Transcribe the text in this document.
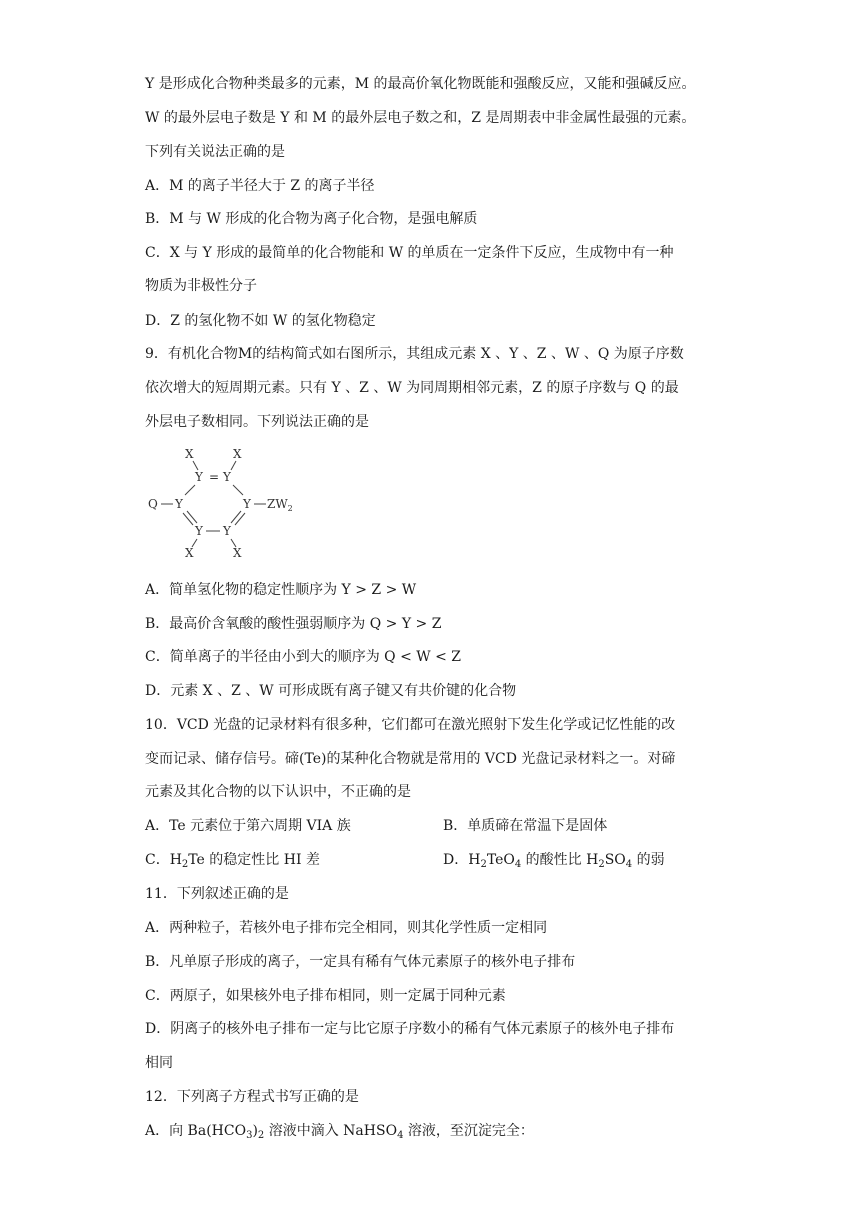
Y 是形成化合物种类最多的元素，M 的最高价氧化物既能和强酸反应，又能和强碱反应。
W 的最外层电子数是 Y 和 M 的最外层电子数之和，Z 是周期表中非金属性最强的元素。
下列有关说法正确的是
A．M 的离子半径大于 Z 的离子半径
B．M 与 W 形成的化合物为离子化合物，是强电解质
C．X 与 Y 形成的最简单的化合物能和 W 的单质在一定条件下反应，生成物中有一种
物质为非极性分子
D．Z 的氢化物不如 W 的氢化物稳定
9．有机化合物M的结构简式如右图所示，其组成元素 X 、Y 、Z 、W 、Q 为原子序数
依次增大的短周期元素。只有 Y 、Z 、W 为同周期相邻元素，Z 的原子序数与 Q 的最
外层电子数相同。下列说法正确的是
X	X
Y = Y
Q Y	Y $ZW_2$
Y Y
X	X
A．简单氢化物的稳定性顺序为 Y > Z > W
B．最高价含氧酸的酸性强弱顺序为 Q > Y > Z
C．简单离子的半径由小到大的顺序为 Q < W < Z
D．元素 X 、Z 、W 可形成既有离子键又有共价键的化合物
10．VCD 光盘的记录材料有很多种，它们都可在激光照射下发生化学或记忆性能的改
变而记录、储存信号。碲(Te)的某种化合物就是常用的 VCD 光盘记录材料之一。对碲
元素及其化合物的以下认识中，不正确的是
A．Te 元素位于第六周期 VIA 族	B．单质碲在常温下是固体
C．$H_2Te$ 的稳定性比 HI 差	D．$H_2TeO_4$ 的酸性比 $H_2SO_4$ 的弱
11．下列叙述正确的是
A．两种粒子，若核外电子排布完全相同，则其化学性质一定相同
B．凡单原子形成的离子，一定具有稀有气体元素原子的核外电子排布
C．两原子，如果核外电子排布相同，则一定属于同种元素
D．阴离子的核外电子排布一定与比它原子序数小的稀有气体元素原子的核外电子排布
相同
12．下列离子方程式书写正确的是
A．向 $Ba(HCO_3)_2$ 溶液中滴入 NaHSO$_4$ 溶液，至沉淀完全：
